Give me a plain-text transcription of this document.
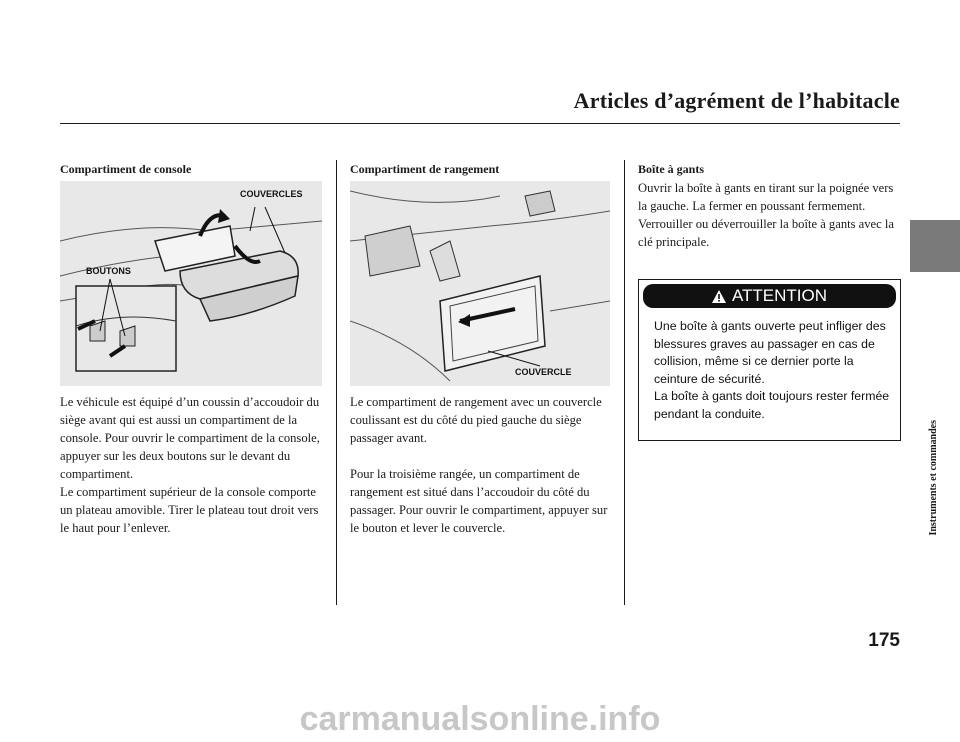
Articles d’agrément de l’habitacle
Instruments et commandes
Compartiment de console
COUVERCLES
BOUTONS
Le véhicule est équipé d’un coussin d’accoudoir du siège avant qui est aussi un compartiment de la console. Pour ouvrir le compartiment de la console, appuyer sur les deux boutons sur le devant du compartiment.
Le compartiment supérieur de la console comporte un plateau amovible. Tirer le plateau tout droit vers le haut pour l’enlever.
Compartiment de rangement
COUVERCLE
Le compartiment de rangement avec un couvercle coulissant est du côté du pied gauche du siège passager avant.
Pour la troisième rangée, un compartiment de rangement est situé dans l’accoudoir du côté du passager. Pour ouvrir le compartiment, appuyer sur le bouton et lever le couvercle.
Boîte à gants
Ouvrir la boîte à gants en tirant sur la poignée vers la gauche. La fermer en poussant fermement. Verrouiller ou déverrouiller la boîte à gants avec la clé principale.
ATTENTION
Une boîte à gants ouverte peut infliger des blessures graves au passager en cas de collision, même si ce dernier porte la ceinture de sécurité.
La boîte à gants doit toujours rester fermée pendant la conduite.
175
carmanualsonline.info
